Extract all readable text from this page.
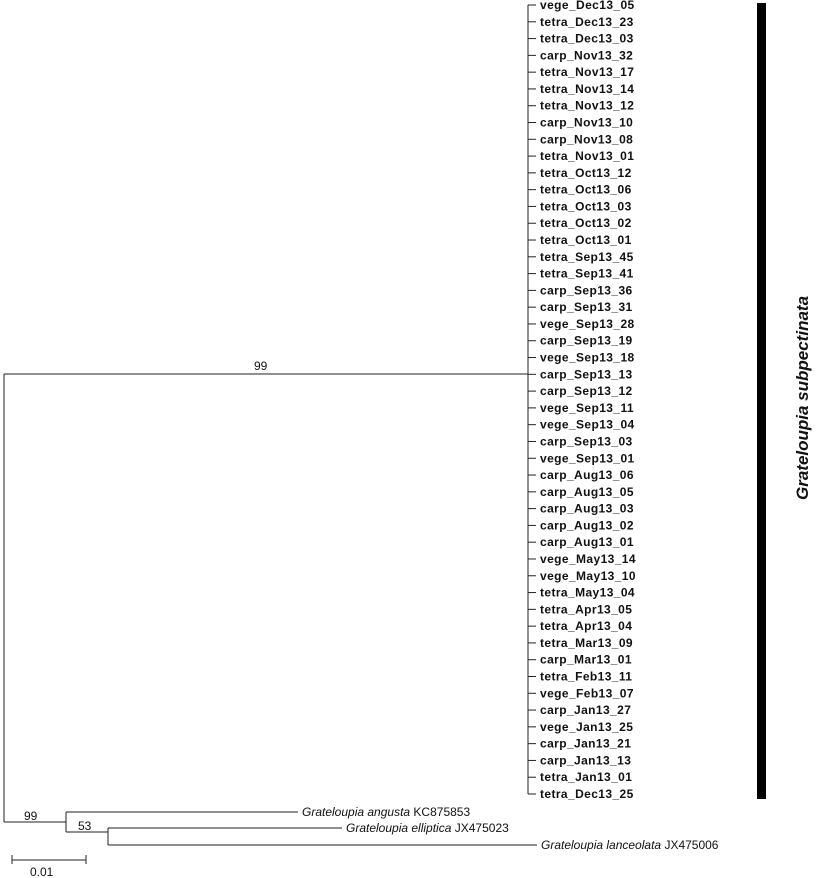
99
vege_Dec13_05
tetra_Dec13_23
tetra_Dec13_03
carp_Nov13_32
tetra_Nov13_17
tetra_Nov13_14
tetra_Nov13_12
carp_Nov13_10
carp_Nov13_08
tetra_Nov13_01
tetra_Oct13_12
tetra_Oct13_06
tetra_Oct13_03
tetra_Oct13_02
tetra_Oct13_01
tetra_Sep13_45
tetra_Sep13_41
carp_Sep13_36
carp_Sep13_31
vege_Sep13_28
carp_Sep13_19
vege_Sep13_18
carp_Sep13_13
carp_Sep13_12
vege_Sep13_11
vege_Sep13_04
carp_Sep13_03
vege_Sep13_01
carp_Aug13_06
carp_Aug13_05
carp_Aug13_03
carp_Aug13_02
carp_Aug13_01
vege_May13_14
vege_May13_10
tetra_May13_04
tetra_Apr13_05
tetra_Apr13_04
tetra_Mar13_09
carp_Mar13_01
tetra_Feb13_11
vege_Feb13_07
carp_Jan13_27
vege_Jan13_25
carp_Jan13_21
carp_Jan13_13
tetra_Jan13_01
tetra_Dec13_25
Grateloupia subpectinata
99
53
Grateloupia angusta KC875853
Grateloupia elliptica JX475023
Grateloupia lanceolata JX475006
0.01
